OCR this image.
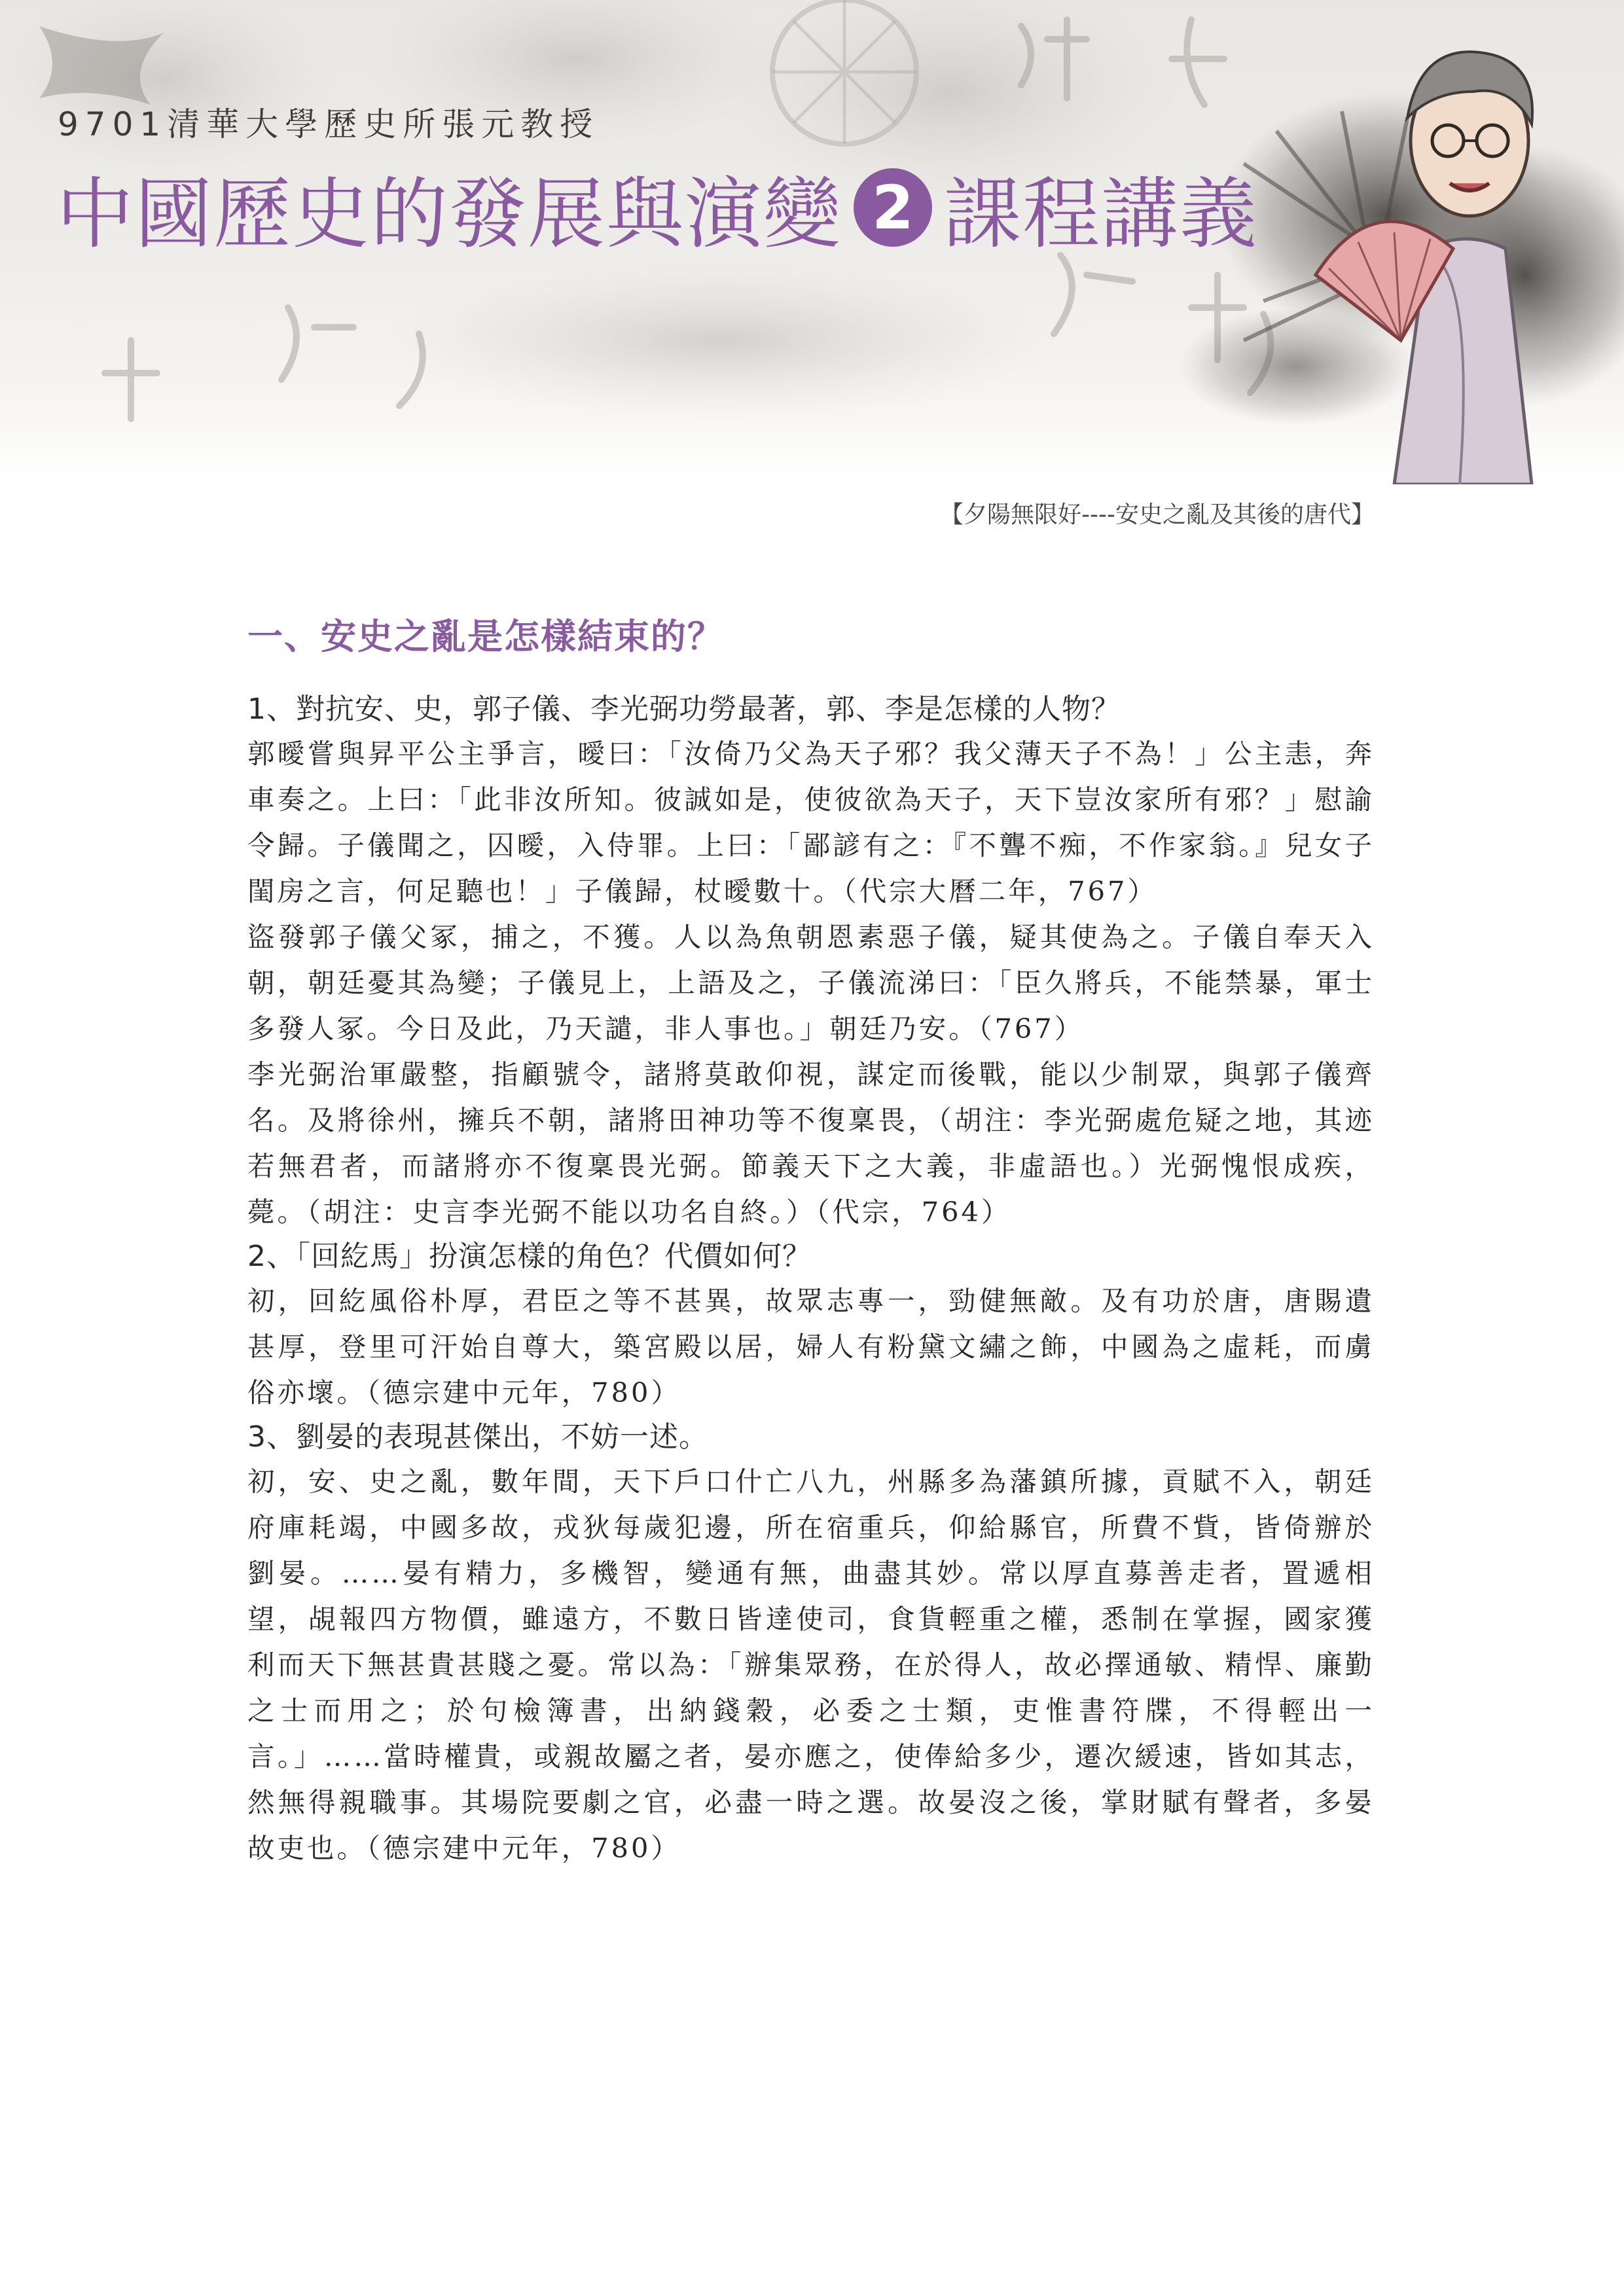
9701清華大學歷史所張元教授
中國歷史的發展與演變 2 課程講義
【夕陽無限好----安史之亂及其後的唐代】
一、安史之亂是怎樣結束的？
1、對抗安、史，郭子儀、李光弼功勞最著，郭、李是怎樣的人物？

郭曖嘗與昇平公主爭言，曖曰：「汝倚乃父為天子邪？我父薄天子不為！」公主恚，奔車奏之。上曰：「此非汝所知。彼誠如是，使彼欲為天子，天下豈汝家所有邪？」慰諭令歸。子儀聞之，囚曖，入侍罪。上曰：「鄙諺有之：『不聾不痴，不作家翁。』兒女子閨房之言，何足聽也！」子儀歸，杖曖數十。（代宗大曆二年，767）

盜發郭子儀父冢，捕之，不獲。人以為魚朝恩素惡子儀，疑其使為之。子儀自奉天入朝，朝廷憂其為變；子儀見上，上語及之，子儀流涕曰：「臣久將兵，不能禁暴，軍士多發人冢。今日及此，乃天譴，非人事也。」朝廷乃安。（767）

李光弼治軍嚴整，指顧號令，諸將莫敢仰視，謀定而後戰，能以少制眾，與郭子儀齊名。及將徐州，擁兵不朝，諸將田神功等不復稟畏，（胡注：李光弼處危疑之地，其迹若無君者，而諸將亦不復稟畏光弼。節義天下之大義，非虛語也。）光弼愧恨成疾，薨。（胡注：史言李光弼不能以功名自終。）（代宗，764）

2、「回紇馬」扮演怎樣的角色？代價如何？

初，回紇風俗朴厚，君臣之等不甚異，故眾志專一，勁健無敵。及有功於唐，唐賜遺甚厚，登里可汗始自尊大，築宮殿以居，婦人有粉黛文繡之飾，中國為之虛耗，而虜俗亦壞。（德宗建中元年，780）

3、劉晏的表現甚傑出，不妨一述。

初，安、史之亂，數年間，天下戶口什亡八九，州縣多為藩鎮所據，貢賦不入，朝廷府庫耗竭，中國多故，戎狄每歲犯邊，所在宿重兵，仰給縣官，所費不貲，皆倚辦於劉晏。……晏有精力，多機智，變通有無，曲盡其妙。常以厚直募善走者，置遞相望，覘報四方物價，雖遠方，不數日皆達使司，食貨輕重之權，悉制在掌握，國家獲利而天下無甚貴甚賤之憂。常以為：「辦集眾務，在於得人，故必擇通敏、精悍、廉勤之士而用之；於句檢簿書，出納錢穀，必委之士類，吏惟書符牒，不得輕出一言。」……當時權貴，或親故屬之者，晏亦應之，使俸給多少，遷次緩速，皆如其志，然無得親職事。其場院要劇之官，必盡一時之選。故晏沒之後，掌財賦有聲者，多晏故吏也。（德宗建中元年，780）
